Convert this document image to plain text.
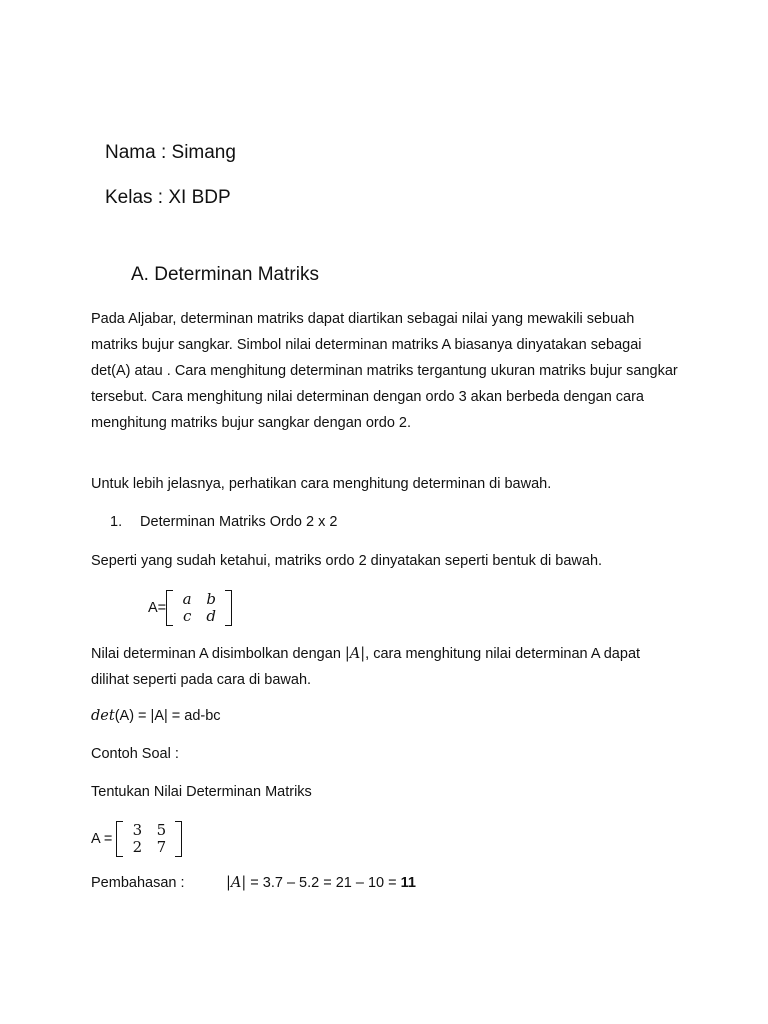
Nama : Simang
Kelas : XI BDP
A. Determinan Matriks
Pada Aljabar, determinan matriks dapat diartikan sebagai nilai yang mewakili sebuah matriks bujur sangkar. Simbol nilai determinan matriks A biasanya dinyatakan sebagai det(A) atau . Cara menghitung determinan matriks tergantung ukuran matriks bujur sangkar tersebut. Cara menghitung nilai determinan dengan ordo 3 akan berbeda dengan cara menghitung matriks bujur sangkar dengan ordo 2.
Untuk lebih jelasnya, perhatikan cara menghitung determinan di bawah.
1. Determinan Matriks Ordo 2 x 2
Seperti yang sudah ketahui, matriks ordo 2 dinyatakan seperti bentuk di bawah.
A=	a b
c d
Nilai determinan A disimbolkan dengan |A|, cara menghitung nilai determinan A dapat dilihat seperti pada cara di bawah.
det(A) = |A| = ad-bc
Contoh Soal :
Tentukan Nilai Determinan Matriks
A =	3 5
2 7
Pembahasan :	|A| = 3.7 – 5.2 = 21 – 10 = 11
